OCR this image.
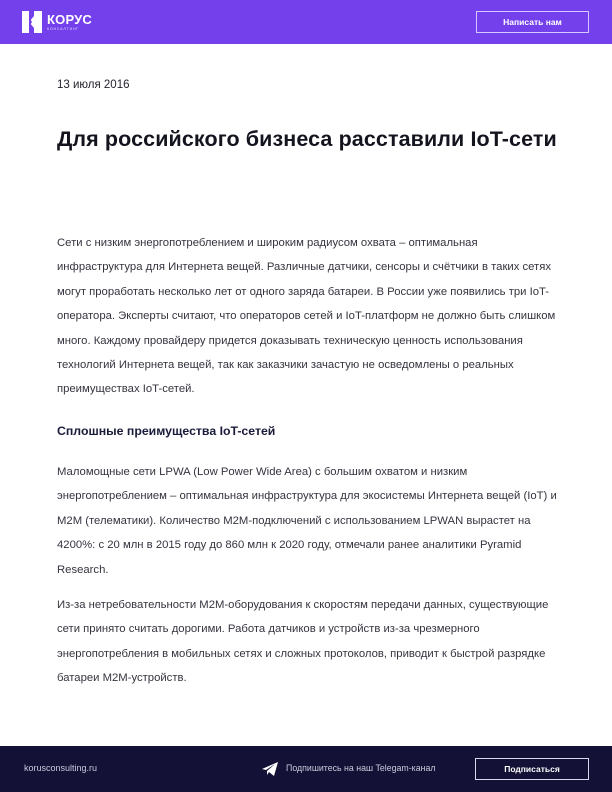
КОРУС
КОНСАЛТИНГ
Написать нам
13 июля 2016
Для российского бизнеса расставили IoT-сети

Сети с низким энергопотреблением и широким радиусом охвата – оптимальная инфраструктура для Интернета вещей. Различные датчики, сенсоры и счётчики в таких сетях могут проработать несколько лет от одного заряда батареи. В России уже появились три IoT-оператора. Эксперты считают, что операторов сетей и IoT-платформ не должно быть слишком много. Каждому провайдеру придется доказывать техническую ценность использования технологий Интернета вещей, так как заказчики зачастую не осведомлены о реальных преимуществах IoT-сетей.

Сплошные преимущества IoT-сетей

Маломощные сети LPWA (Low Power Wide Area) с большим охватом и низким энергопотреблением – оптимальная инфраструктура для экосистемы Интернета вещей (IoT) и M2M (телематики). Количество M2M-подключений с использованием LPWAN вырастет на 4200%: с 20 млн в 2015 году до 860 млн к 2020 году, отмечали ранее аналитики Pyramid Research.

Из-за нетребовательности M2M-оборудования к скоростям передачи данных, существующие сети принято считать дорогими. Работа датчиков и устройств из-за чрезмерного энергопотребления в мобильных сетях и сложных протоколов, приводит к быстрой разрядке батареи M2M-устройств.

korusconsulting.ru	Подпишитесь на наш Telegam-канал	Подписаться
